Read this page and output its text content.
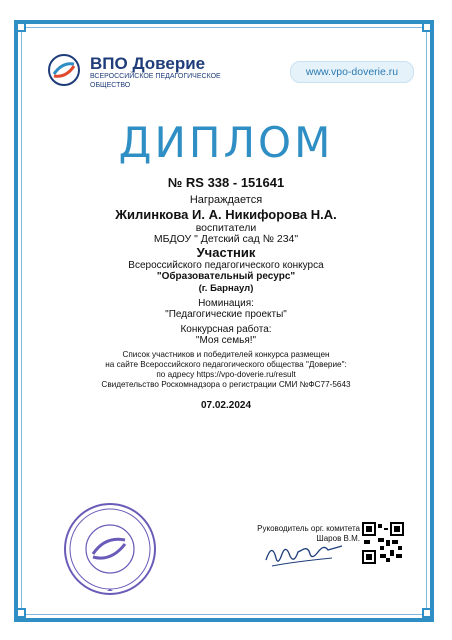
ВПО Доверие
ВСЕРОССИЙСКОЕ ПЕДАГОГИЧЕСКОЕ ОБЩЕСТВО
www.vpo-doverie.ru
ДИПЛОМ
№ RS 338 - 151641
Награждается
Жилинкова И. А. Никифорова Н.А.
воспитатели
МБДОУ " Детский сад № 234"
Участник
Всероссийского педагогического конкурса
"Образовательный ресурс"
(г. Барнаул)
Номинация:
"Педагогические проекты"
Конкурсная работа:
"Моя семья!"
Список участников и победителей конкурса размещен
на сайте Всероссийского педагогического общества "Доверие":
по адресу https://vpo-doverie.ru/result
Свидетельство Роскомнадзора о регистрации СМИ №ФС77-5643
07.02.2024
Руководитель орг. комитета
Шаров В.М.
